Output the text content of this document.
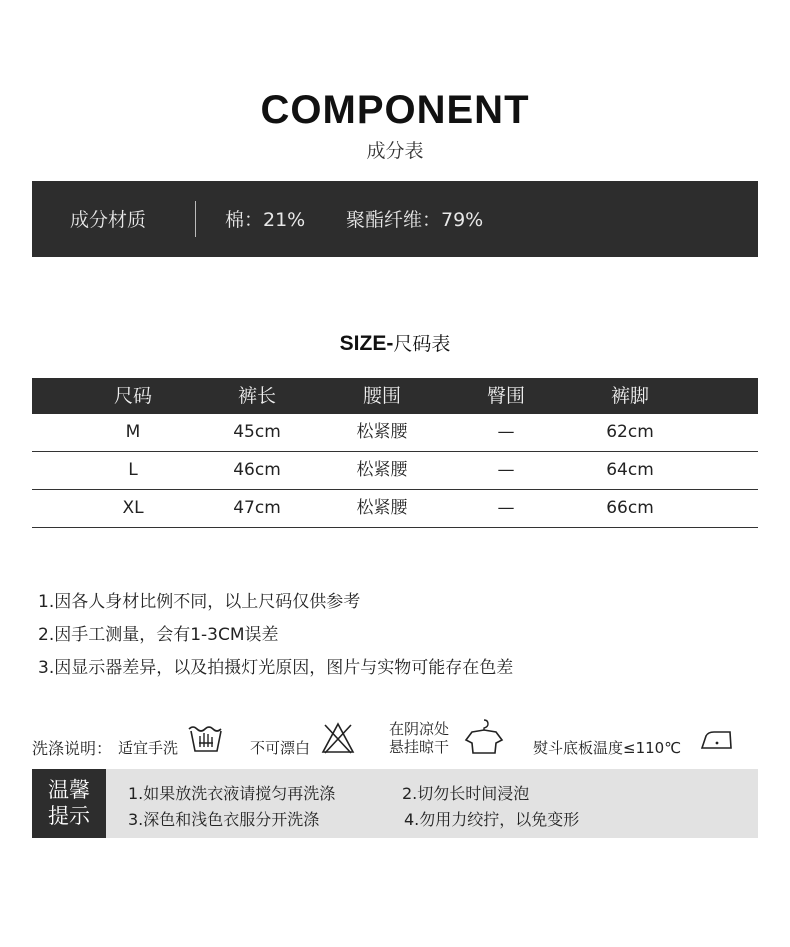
COMPONENT
成分表
成分材质	棉：21% 聚酯纤维：79%
SIZE-尺码表
尺码	裤长	腰围	臀围	裤脚
M	45cm	松紧腰	—	62cm
L	46cm	松紧腰	—	64cm
XL	47cm	松紧腰	—	66cm
1.因各人身材比例不同，以上尺码仅供参考
2.因手工测量，会有1-3CM误差
3.因显示器差异，以及拍摄灯光原因，图片与实物可能存在色差
洗涤说明： 适宜手洗	不可漂白
在阴凉处
悬挂晾干	熨斗底板温度≤110℃
温馨
提示
1.如果放洗衣液请搅匀再洗涤	2.切勿长时间浸泡
3.深色和浅色衣服分开洗涤	4.勿用力绞拧，以免变形
